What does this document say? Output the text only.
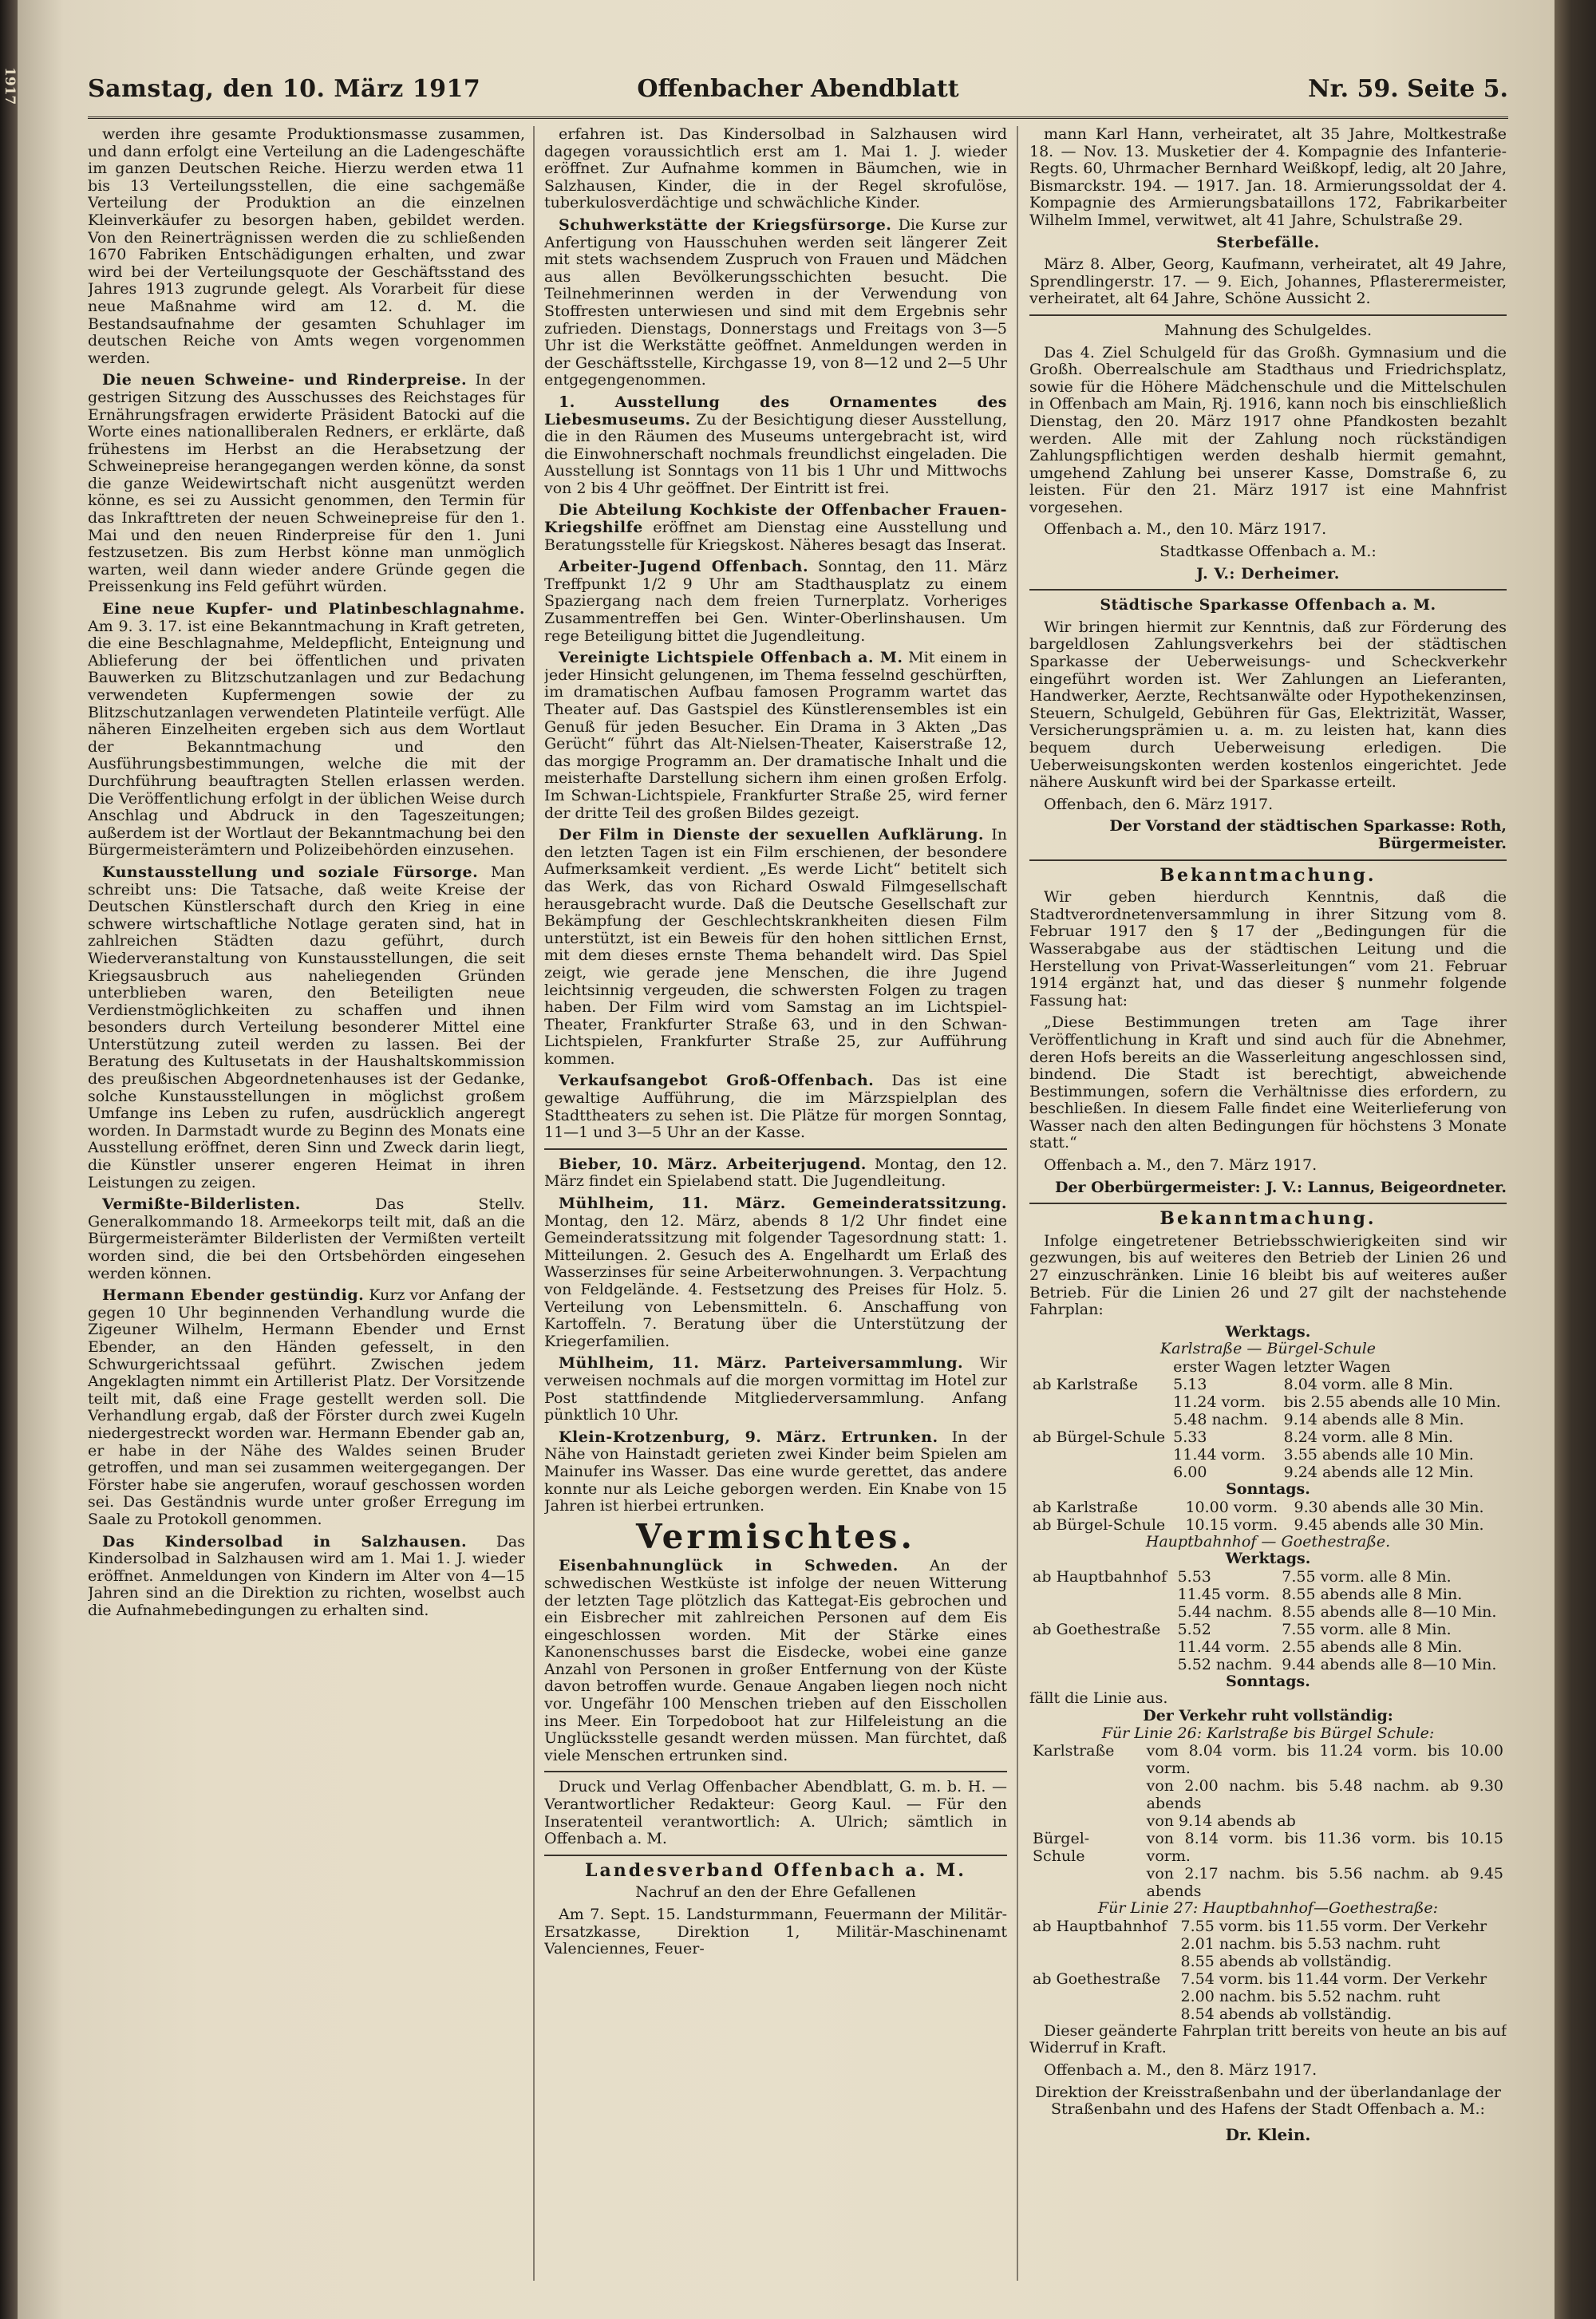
1917	Offenbacher Abendblatt
Samstag, den 10. März 1917	Nr. 59. Seite 5.

werden ihre gesamte Produktionsmasse zusammen, und dann erfolgt eine Verteilung an die Ladengeschäfte im ganzen Deutschen Reiche. Hierzu werden etwa 11 bis 13 Verteilungsstellen, die eine sachgemäße Verteilung der Produktion an die einzelnen Kleinverkäufer zu besorgen haben, gebildet werden. Von den Reinerträgnissen werden die zu schließenden 1670 Fabriken Entschädigungen erhalten, und zwar wird bei der Verteilungsquote der Geschäftsstand des Jahres 1913 zugrunde gelegt. Als Vorarbeit für diese neue Maßnahme wird am 12. d. M. die Bestandsaufnahme der gesamten Schuhlager im deutschen Reiche von Amts wegen vorgenommen werden.

Die neuen Schweine- und Rinderpreise. In der gestrigen Sitzung des Ausschusses des Reichstages für Ernährungsfragen erwiderte Präsident Batocki auf die Worte eines nationalliberalen Redners, er erklärte, daß frühestens im Herbst an die Herabsetzung der Schweinepreise herangegangen werden könne, da sonst die ganze Weidewirtschaft nicht ausgenützt werden könne, es sei zu Aussicht genommen, den Termin für das Inkrafttreten der neuen Schweinepreise für den 1. Mai und den neuen Rinderpreise für den 1. Juni festzusetzen. Bis zum Herbst könne man unmöglich warten, weil dann wieder andere Gründe gegen die Preissenkung ins Feld geführt würden.

Eine neue Kupfer- und Platinbeschlagnahme. Am 9. 3. 17. ist eine Bekanntmachung in Kraft getreten, die eine Beschlagnahme, Meldepflicht, Enteignung und Ablieferung der bei öffentlichen und privaten Bauwerken zu Blitzschutzanlagen und zur Bedachung verwendeten Kupfermengen sowie der zu Blitzschutzanlagen verwendeten Platinteile verfügt. Alle näheren Einzelheiten ergeben sich aus dem Wortlaut der Bekanntmachung und den Ausführungsbestimmungen, welche die mit der Durchführung beauftragten Stellen erlassen werden. Die Veröffentlichung erfolgt in der üblichen Weise durch Anschlag und Abdruck in den Tageszeitungen; außerdem ist der Wortlaut der Bekanntmachung bei den Bürgermeisterämtern und Polizeibehörden einzusehen.

Kunstausstellung und soziale Fürsorge. Man schreibt uns: Die Tatsache, daß weite Kreise der Deutschen Künstlerschaft durch den Krieg in eine schwere wirtschaftliche Notlage geraten sind, hat in zahlreichen Städten dazu geführt, durch Wiederveranstaltung von Kunstausstellungen, die seit Kriegsausbruch aus naheliegenden Gründen unterblieben waren, den Beteiligten neue Verdienstmöglichkeiten zu schaffen und ihnen besonders durch Verteilung besonderer Mittel eine Unterstützung zuteil werden zu lassen. Bei der Beratung des Kultusetats in der Haushaltskommission des preußischen Abgeordnetenhauses ist der Gedanke, solche Kunstausstellungen in möglichst großem Umfange ins Leben zu rufen, ausdrücklich angeregt worden. In Darmstadt wurde zu Beginn des Monats eine Ausstellung eröffnet, deren Sinn und Zweck darin liegt, die Künstler unserer engeren Heimat in ihren Leistungen zu zeigen.

Vermißte-Bilderlisten.	Das Stellv. Generalkommando 18. Armeekorps teilt mit, daß an die Bürgermeisterämter Bilderlisten der Vermißten verteilt worden sind, die bei den Ortsbehörden eingesehen werden können.

Hermann Ebender gestündig. Kurz vor Anfang der gegen 10 Uhr beginnenden Verhandlung wurde die Zigeuner Wilhelm, Hermann Ebender und Ernst Ebender, an den Händen gefesselt, in den Schwurgerichtssaal geführt. Zwischen jedem Angeklagten nimmt ein Artillerist Platz. Der Vorsitzende teilt mit, daß eine Frage gestellt werden soll. Die Verhandlung ergab, daß der Förster durch zwei Kugeln niedergestreckt worden war. Hermann Ebender gab an, er habe in der Nähe des Waldes seinen Bruder getroffen, und man sei zusammen weitergegangen. Der Förster habe sie angerufen, worauf geschossen worden sei. Das Geständnis wurde unter großer Erregung im Saale zu Protokoll genommen.

Das Kindersolbad in Salzhausen. Das Kindersolbad in Salzhausen wird am 1. Mai 1. J. wieder eröffnet. Anmeldungen von Kindern im Alter von 4—15 Jahren sind an die Direktion zu richten, woselbst auch die Aufnahmebedingungen zu erhalten sind.

erfahren ist. Das Kindersolbad in Salzhausen wird dagegen voraussichtlich erst am 1. Mai 1. J. wieder eröffnet. Zur Aufnahme kommen in Bäumchen, wie in Salzhausen, Kinder, die in der Regel skrofulöse, tuberkulosverdächtige und schwächliche Kinder.

Schuhwerkstätte der Kriegsfürsorge. Die Kurse zur Anfertigung von Hausschuhen werden seit längerer Zeit mit stets wachsendem Zuspruch von Frauen und Mädchen aus allen Bevölkerungsschichten besucht. Die Teilnehmerinnen werden in der Verwendung von Stoffresten unterwiesen und sind mit dem Ergebnis sehr zufrieden. Dienstags, Donnerstags und Freitags von 3—5 Uhr ist die Werkstätte geöffnet. Anmeldungen werden in der Geschäftsstelle, Kirchgasse 19, von 8—12 und 2—5 Uhr entgegengenommen.

1. Ausstellung des Ornamentes des Liebesmuseums. Zu der Besichtigung dieser Ausstellung, die in den Räumen des Museums untergebracht ist, wird die Einwohnerschaft nochmals freundlichst eingeladen. Die Ausstellung ist Sonntags von 11 bis 1 Uhr und Mittwochs von 2 bis 4 Uhr geöffnet. Der Eintritt ist frei.

Die Abteilung Kochkiste der Offenbacher Frauen-Kriegshilfe eröffnet am Dienstag eine Ausstellung und Beratungsstelle für Kriegskost. Näheres besagt das Inserat.

Arbeiter-Jugend Offenbach. Sonntag, den 11. März Treffpunkt 1/2 9 Uhr am Stadthausplatz zu einem Spaziergang nach dem freien Turnerplatz. Vorheriges Zusammentreffen bei Gen. Winter-Oberlinshausen. Um rege Beteiligung bittet die Jugendleitung.

Vereinigte Lichtspiele Offenbach a. M. Mit einem in jeder Hinsicht gelungenen, im Thema fesselnd geschürften, im dramatischen Aufbau famosen Programm wartet das Theater auf. Das Gastspiel des Künstlerensembles ist ein Genuß für jeden Besucher. Ein Drama in 3 Akten „Das Gerücht“ führt das Alt-Nielsen-Theater, Kaiserstraße 12, das morgige Programm an. Der dramatische Inhalt und die meisterhafte Darstellung sichern ihm einen großen Erfolg. Im Schwan-Lichtspiele, Frankfurter Straße 25, wird ferner der dritte Teil des großen Bildes gezeigt.

Der Film in Dienste der sexuellen Aufklärung. In den letzten Tagen ist ein Film erschienen, der besondere Aufmerksamkeit verdient. „Es werde Licht“ betitelt sich das Werk, das von Richard Oswald Filmgesellschaft herausgebracht wurde. Daß die Deutsche Gesellschaft zur Bekämpfung der Geschlechtskrankheiten diesen Film unterstützt, ist ein Beweis für den hohen sittlichen Ernst, mit dem dieses ernste Thema behandelt wird. Das Spiel zeigt, wie gerade jene Menschen, die ihre Jugend leichtsinnig vergeuden, die schwersten Folgen zu tragen haben. Der Film wird vom Samstag an im Lichtspiel-Theater, Frankfurter Straße 63, und in den Schwan-Lichtspielen, Frankfurter Straße 25, zur Aufführung kommen.

Verkaufsangebot Groß-Offenbach. Das ist eine gewaltige Aufführung, die im Märzspielplan des Stadttheaters zu sehen ist. Die Plätze für morgen Sonntag, 11—1 und 3—5 Uhr an der Kasse.

Bieber, 10. März. Arbeiterjugend. Montag, den 12. März findet ein Spielabend statt. Die Jugendleitung.

Mühlheim, 11. März. Gemeinderatssitzung. Montag, den 12. März, abends 8 1/2 Uhr findet eine Gemeinderatssitzung mit folgender Tagesordnung statt: 1. Mitteilungen. 2. Gesuch des A. Engelhardt um Erlaß des Wasserzinses für seine Arbeiterwohnungen. 3. Verpachtung von Feldgelände. 4. Festsetzung des Preises für Holz. 5. Verteilung von Lebensmitteln. 6. Anschaffung von Kartoffeln. 7. Beratung über die Unterstützung der Kriegerfamilien.

Mühlheim, 11. März. Parteiversammlung. Wir verweisen nochmals auf die morgen vormittag im Hotel zur Post stattfindende Mitgliederversammlung. Anfang pünktlich 10 Uhr.

Klein-Krotzenburg, 9. März. Ertrunken. In der Nähe von Hainstadt gerieten zwei Kinder beim Spielen am Mainufer ins Wasser. Das eine wurde gerettet, das andere konnte nur als Leiche geborgen werden. Ein Knabe von 15 Jahren ist hierbei ertrunken.

Vermischtes.

Eisenbahnunglück in Schweden. An der schwedischen Westküste ist infolge der neuen Witterung der letzten Tage plötzlich das Kattegat-Eis gebrochen und ein Eisbrecher mit zahlreichen Personen auf dem Eis eingeschlossen worden. Mit der Stärke eines Kanonenschusses barst die Eisdecke, wobei eine ganze Anzahl von Personen in großer Entfernung von der Küste davon betroffen wurde. Genaue Angaben liegen noch nicht vor. Ungefähr 100 Menschen trieben auf den Eisschollen ins Meer. Ein Torpedoboot hat zur Hilfeleistung an die Unglücksstelle gesandt werden müssen. Man fürchtet, daß viele Menschen ertrunken sind.

Druck und Verlag Offenbacher Abendblatt, G. m. b. H. — Verantwortlicher Redakteur: Georg Kaul. — Für den Inseratenteil verantwortlich: A. Ulrich; sämtlich in Offenbach a. M.

Landesverband Offenbach a. M.
Nachruf an den der Ehre Gefallenen

Am 7. Sept. 15. Landsturmmann, Feuermann der Militär-Ersatzkasse, Direktion 1, Militär-Maschinenamt Valenciennes, Feuer-

mann Karl Hann, verheiratet, alt 35 Jahre, Moltkestraße 18. — Nov. 13. Musketier der 4. Kompagnie des Infanterie-Regts. 60, Uhrmacher Bernhard Weißkopf, ledig, alt 20 Jahre, Bismarckstr. 194. — 1917. Jan. 18. Armierungssoldat der 4. Kompagnie des Armierungsbataillons 172, Fabrikarbeiter Wilhelm Immel, verwitwet, alt 41 Jahre, Schulstraße 29.

Sterbefälle.

März 8. Alber, Georg, Kaufmann, verheiratet, alt 49 Jahre, Sprendlingerstr. 17. — 9. Eich, Johannes, Pflasterermeister, verheiratet, alt 64 Jahre, Schöne Aussicht 2.

Mahnung des Schulgeldes.

Das 4. Ziel Schulgeld für das Großh. Gymnasium und die Großh. Oberrealschule am Stadthaus und Friedrichsplatz, sowie für die Höhere Mädchenschule und die Mittelschulen in Offenbach am Main, Rj. 1916, kann noch bis einschließlich Dienstag, den 20. März 1917 ohne Pfandkosten bezahlt werden. Alle mit der Zahlung noch rückständigen Zahlungspflichtigen werden deshalb hiermit gemahnt, umgehend Zahlung bei unserer Kasse, Domstraße 6, zu leisten. Für den 21. März 1917 ist eine Mahnfrist vorgesehen.

Offenbach a. M., den 10. März 1917.

Stadtkasse Offenbach a. M.:
J. V.: Derheimer.
Städtische Sparkasse Offenbach a. M.

Wir bringen hiermit zur Kenntnis, daß zur Förderung des bargeldlosen Zahlungsverkehrs bei der städtischen Sparkasse der Ueberweisungs- und Scheckverkehr eingeführt worden ist. Wer Zahlungen an Lieferanten, Handwerker, Aerzte, Rechtsanwälte oder Hypothekenzinsen, Steuern, Schulgeld, Gebühren für Gas, Elektrizität, Wasser, Versicherungsprämien u. a. m. zu leisten hat, kann dies bequem durch Ueberweisung erledigen. Die Ueberweisungskonten werden kostenlos eingerichtet. Jede nähere Auskunft wird bei der Sparkasse erteilt.

Offenbach, den 6. März 1917.

Der Vorstand der städtischen Sparkasse: Roth, Bürgermeister.
Bekanntmachung.

Wir geben hierdurch Kenntnis, daß die Stadtverordnetenversammlung in ihrer Sitzung vom 8. Februar 1917 den § 17 der „Bedingungen für die Wasserabgabe aus der städtischen Leitung und die Herstellung von Privat-Wasserleitungen“ vom 21. Februar 1914 ergänzt hat, und das dieser § nunmehr folgende Fassung hat:

„Diese Bestimmungen treten am Tage ihrer Veröffentlichung in Kraft und sind auch für die Abnehmer, deren Hofs bereits an die Wasserleitung angeschlossen sind, bindend. Die Stadt ist berechtigt, abweichende Bestimmungen, sofern die Verhältnisse dies erfordern, zu beschließen. In diesem Falle findet eine Weiterlieferung von Wasser nach den alten Bedingungen für höchstens 3 Monate statt.“

Offenbach a. M., den 7. März 1917.

Der Oberbürgermeister: J. V.: Lannus, Beigeordneter.
Bekanntmachung.

Infolge eingetretener Betriebsschwierigkeiten sind wir gezwungen, bis auf weiteres den Betrieb der Linien 26 und 27 einzuschränken. Linie 16 bleibt bis auf weiteres außer Betrieb. Für die Linien 26 und 27 gilt der nachstehende Fahrplan:

Werktags.
Karlstraße — Bürgel-Schule
	erster Wagen	letzter Wagen
ab Karlstraße	5.13	8.04 vorm. alle 8 Min.
	11.24 vorm.	bis 2.55 abends alle 10 Min.
	5.48 nachm.	9.14 abends alle 8 Min.
ab Bürgel-Schule	5.33	8.24 vorm. alle 8 Min.
	11.44 vorm.	3.55 abends alle 10 Min.
	6.00	9.24 abends alle 12 Min.
Sonntags.
ab Karlstraße	10.00 vorm.	9.30 abends alle 30 Min.
ab Bürgel-Schule	10.15 vorm.	9.45 abends alle 30 Min.
Hauptbahnhof — Goethestraße.
Werktags.
ab Hauptbahnhof	5.53	7.55 vorm. alle 8 Min.
	11.45 vorm.	8.55 abends alle 8 Min.
	5.44 nachm.	8.55 abends alle 8—10 Min.
ab Goethestraße	5.52	7.55 vorm. alle 8 Min.
	11.44 vorm.	2.55 abends alle 8 Min.
	5.52 nachm.	9.44 abends alle 8—10 Min.
Sonntags.
fällt die Linie aus.
Der Verkehr ruht vollständig:
Für Linie 26: Karlstraße bis Bürgel Schule:
Karlstraße	vom 8.04 vorm. bis 11.24 vorm. bis 10.00 vorm.
	von 2.00 nachm. bis 5.48 nachm. ab 9.30 abends
	von 9.14 abends ab
Bürgel-Schule	von 8.14 vorm. bis 11.36 vorm. bis 10.15 vorm.
	von 2.17 nachm. bis 5.56 nachm. ab 9.45 abends
Für Linie 27: Hauptbahnhof—Goethestraße:
ab Hauptbahnhof	7.55 vorm. bis 11.55 vorm. Der Verkehr
	2.01 nachm. bis 5.53 nachm. ruht
	8.55 abends ab vollständig.
ab Goethestraße	7.54 vorm. bis 11.44 vorm. Der Verkehr
	2.00 nachm. bis 5.52 nachm. ruht
	8.54 abends ab vollständig.

Dieser geänderte Fahrplan tritt bereits von heute an bis auf Widerruf in Kraft.

Offenbach a. M., den 8. März 1917.

Direktion der Kreisstraßenbahn und der überlandanlage der Straßenbahn und des Hafens der Stadt Offenbach a. M.:
Dr. Klein.
